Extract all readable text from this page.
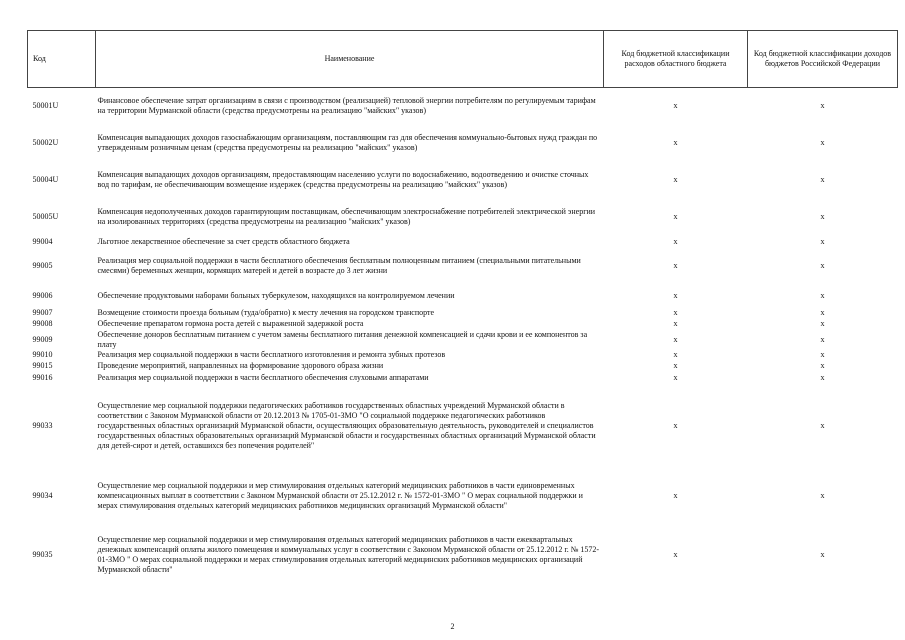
Код	Наименование	Код бюджетной классификации расходов областного бюджета	Код бюджетной классификации доходов бюджетов Российской Федерации
50001U	Финансовое обеспечение затрат организациям в связи с производством (реализацией) тепловой энергии потребителям по регулируемым тарифам на территории Мурманской области (средства предусмотрены на реализацию "майских" указов)	x	x
50002U	Компенсация выпадающих доходов газоснабжающим организациям, поставляющим газ для обеспечения коммунально-бытовых нужд граждан по утвержденным розничным ценам (средства предусмотрены на реализацию "майских" указов)	x	x
50004U	Компенсация выпадающих доходов организациям, предоставляющим населению услуги по водоснабжению, водоотведению и очистке сточных вод по тарифам, не обеспечивающим возмещение издержек (средства предусмотрены на реализацию "майских" указов)	x	x
50005U	Компенсация недополученных доходов гарантирующим поставщикам, обеспечивающим электроснабжение потребителей электрической энергии на изолированных территориях (средства предусмотрены на реализацию "майских" указов)	x	x
99004	Льготное лекарственное обеспечение за счет средств областного бюджета	x	x
99005	Реализация мер социальной поддержки в части бесплатного обеспечения бесплатным полноценным питанием (специальными питательными смесями) беременных женщин, кормящих матерей и детей в возрасте до 3 лет жизни	x	x
99006	Обеспечение продуктовыми наборами больных туберкулезом, находящихся на контролируемом лечении	x	x
99007	Возмещение стоимости проезда больным (туда/обратно) к месту лечения на городском транспорте	x	x
99008	Обеспечение препаратом гормона роста детей с выраженной задержкой роста	x	x
99009	Обеспечение доноров бесплатным питанием с учетом замены бесплатного питания денежной компенсацией и сдачи крови и ее компонентов за плату	x	x
99010	Реализация мер социальной поддержки в части бесплатного изготовления и ремонта зубных протезов	x	x
99015	Проведение мероприятий, направленных на формирование здорового образа жизни	x	x
99016	Реализация мер социальной поддержки в части бесплатного обеспечения слуховыми аппаратами	x	x
99033	Осуществление мер социальной поддержки педагогических работников государственных областных учреждений Мурманской области в соответствии с Законом Мурманской области от 20.12.2013 № 1705-01-ЗМО "О социальной поддержке педагогических работников государственных областных организаций Мурманской области, осуществляющих образовательную деятельность, руководителей и специалистов государственных областных образовательных организаций Мурманской области и государственных областных организаций Мурманской области для детей-сирот и детей, оставшихся без попечения родителей"	x	x
99034	Осуществление мер социальной поддержки и мер стимулирования отдельных категорий медицинских работников в части единовременных компенсационных выплат в соответствии с Законом Мурманской области от 25.12.2012 г. № 1572-01-ЗМО " О мерах социальной поддержки и мерах стимулирования отдельных категорий медицинских работников медицинских организаций Мурманской области"	x	x
99035	Осуществление мер социальной поддержки и мер стимулирования отдельных категорий медицинских работников в части ежеквартальных денежных компенсаций оплаты жилого помещения и коммунальных услуг в соответствии с Законом Мурманской области от 25.12.2012 г. № 1572-01-ЗМО " О мерах социальной поддержки и мерах стимулирования отдельных категорий медицинских работников медицинских организаций Мурманской области"	x	x
2
